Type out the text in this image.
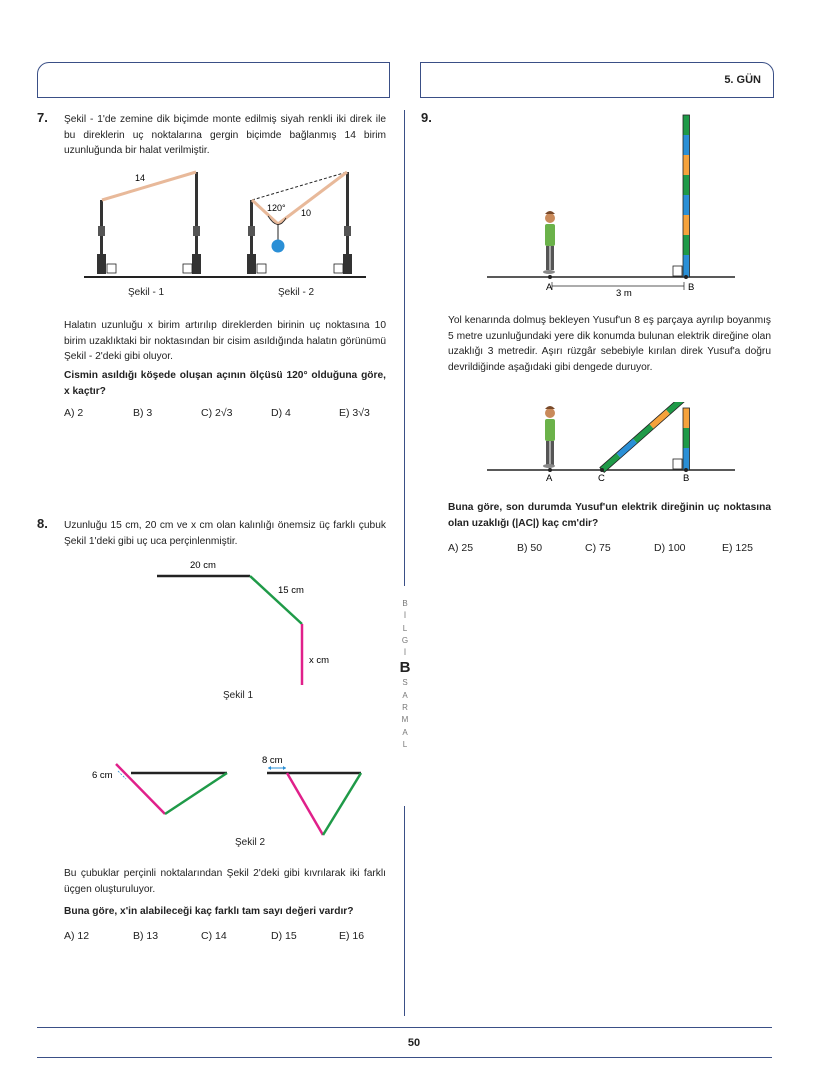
5. GÜN
7. Şekil - 1'de zemine dik biçimde monte edilmiş siyah renkli iki direk ile bu direklerin uç noktalarına gergin biçimde bağlanmış 14 birim uzunluğunda bir halat verilmiştir.
14
120° 10
Şekil - 1	Şekil - 2
Halatın uzunluğu x birim artırılıp direklerden birinin uç noktasına 10 birim uzaklıktaki bir noktasından bir cisim asıldığında halatın görünümü Şekil - 2'deki gibi oluyor.
Cismin asıldığı köşede oluşan açının ölçüsü 120° olduğuna göre, x kaçtır?
A) 2	B) 3	C) 2√3	D) 4	E) 3√3
8. Uzunluğu 15 cm, 20 cm ve x cm olan kalınlığı önemsiz üç farklı çubuk Şekil 1'deki gibi uç uca perçinlenmiştir.
20 cm
15 cm
x cm
Şekil 1
6 cm
8 cm
Şekil 2
Bu çubuklar perçinli noktalarından Şekil 2'deki gibi kıvrılarak iki farklı üçgen oluşturuluyor.
Buna göre, x'in alabileceği kaç farklı tam sayı değeri vardır?
A) 12	B) 13	C) 14	D) 15	E) 16
B
İ
L
G
İ
B
S
A
R
M
A
L
9.
A	B
3 m
Yol kenarında dolmuş bekleyen Yusuf'un 8 eş parçaya ayrılıp boyanmış 5 metre uzunluğundaki yere dik konumda bulunan elektrik direğine olan uzaklığı 3 metredir. Aşırı rüzgâr sebebiyle kırılan direk Yusuf'a doğru devrildiğinde aşağıdaki gibi dengede duruyor.
A	C	B
Buna göre, son durumda Yusuf'un elektrik direğinin uç noktasına olan uzaklığı (|AC|) kaç cm'dir?
A) 25	B) 50	C) 75	D) 100	E) 125
50
